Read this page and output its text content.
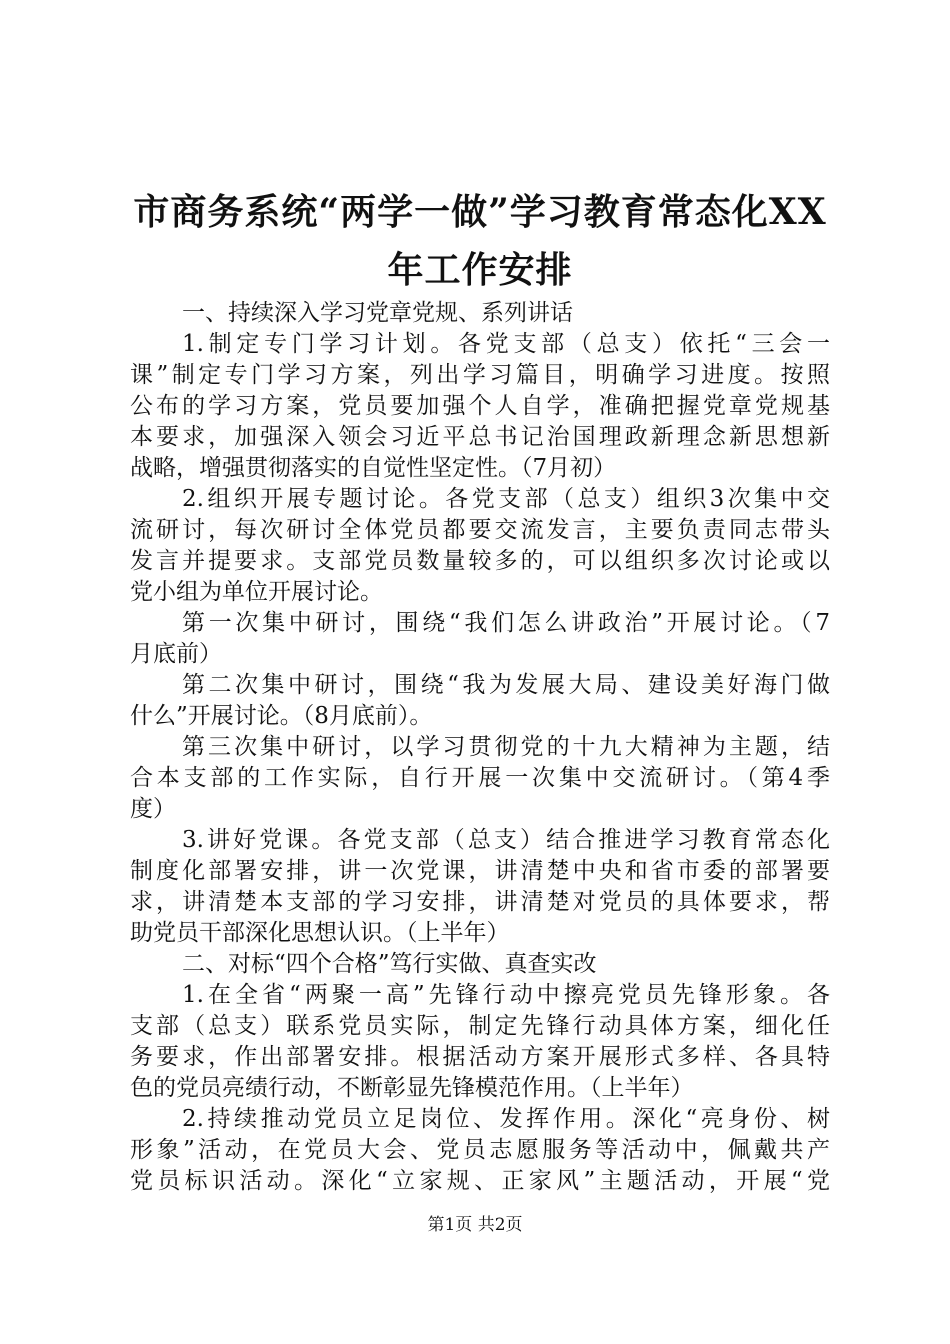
市商务系统“两学一做”学习教育常态化XX
年工作安排
一、持续深入学习党章党规、系列讲话
1.制定专门学习计划。各党支部（总支）依托“三会一
课”制定专门学习方案，列出学习篇目，明确学习进度。按照
公布的学习方案，党员要加强个人自学，准确把握党章党规基
本要求，加强深入领会习近平总书记治国理政新理念新思想新
战略，增强贯彻落实的自觉性坚定性。（7月初）
2.组织开展专题讨论。各党支部（总支）组织3次集中交
流研讨，每次研讨全体党员都要交流发言，主要负责同志带头
发言并提要求。支部党员数量较多的，可以组织多次讨论或以
党小组为单位开展讨论。
第一次集中研讨，围绕“我们怎么讲政治”开展讨论。（7
月底前）
第二次集中研讨，围绕“我为发展大局、建设美好海门做
什么”开展讨论。（8月底前）。
第三次集中研讨，以学习贯彻党的十九大精神为主题，结
合本支部的工作实际，自行开展一次集中交流研讨。（第4季
度）
3.讲好党课。各党支部（总支）结合推进学习教育常态化
制度化部署安排，讲一次党课，讲清楚中央和省市委的部署要
求，讲清楚本支部的学习安排，讲清楚对党员的具体要求，帮
助党员干部深化思想认识。（上半年）
二、对标“四个合格”笃行实做、真查实改
1.在全省“两聚一高”先锋行动中擦亮党员先锋形象。各
支部（总支）联系党员实际，制定先锋行动具体方案，细化任
务要求，作出部署安排。根据活动方案开展形式多样、各具特
色的党员亮绩行动，不断彰显先锋模范作用。（上半年）
2.持续推动党员立足岗位、发挥作用。深化“亮身份、树
形象”活动，在党员大会、党员志愿服务等活动中，佩戴共产
党员标识活动。深化“立家规、正家风”主题活动，开展“党
第1页 共2页
